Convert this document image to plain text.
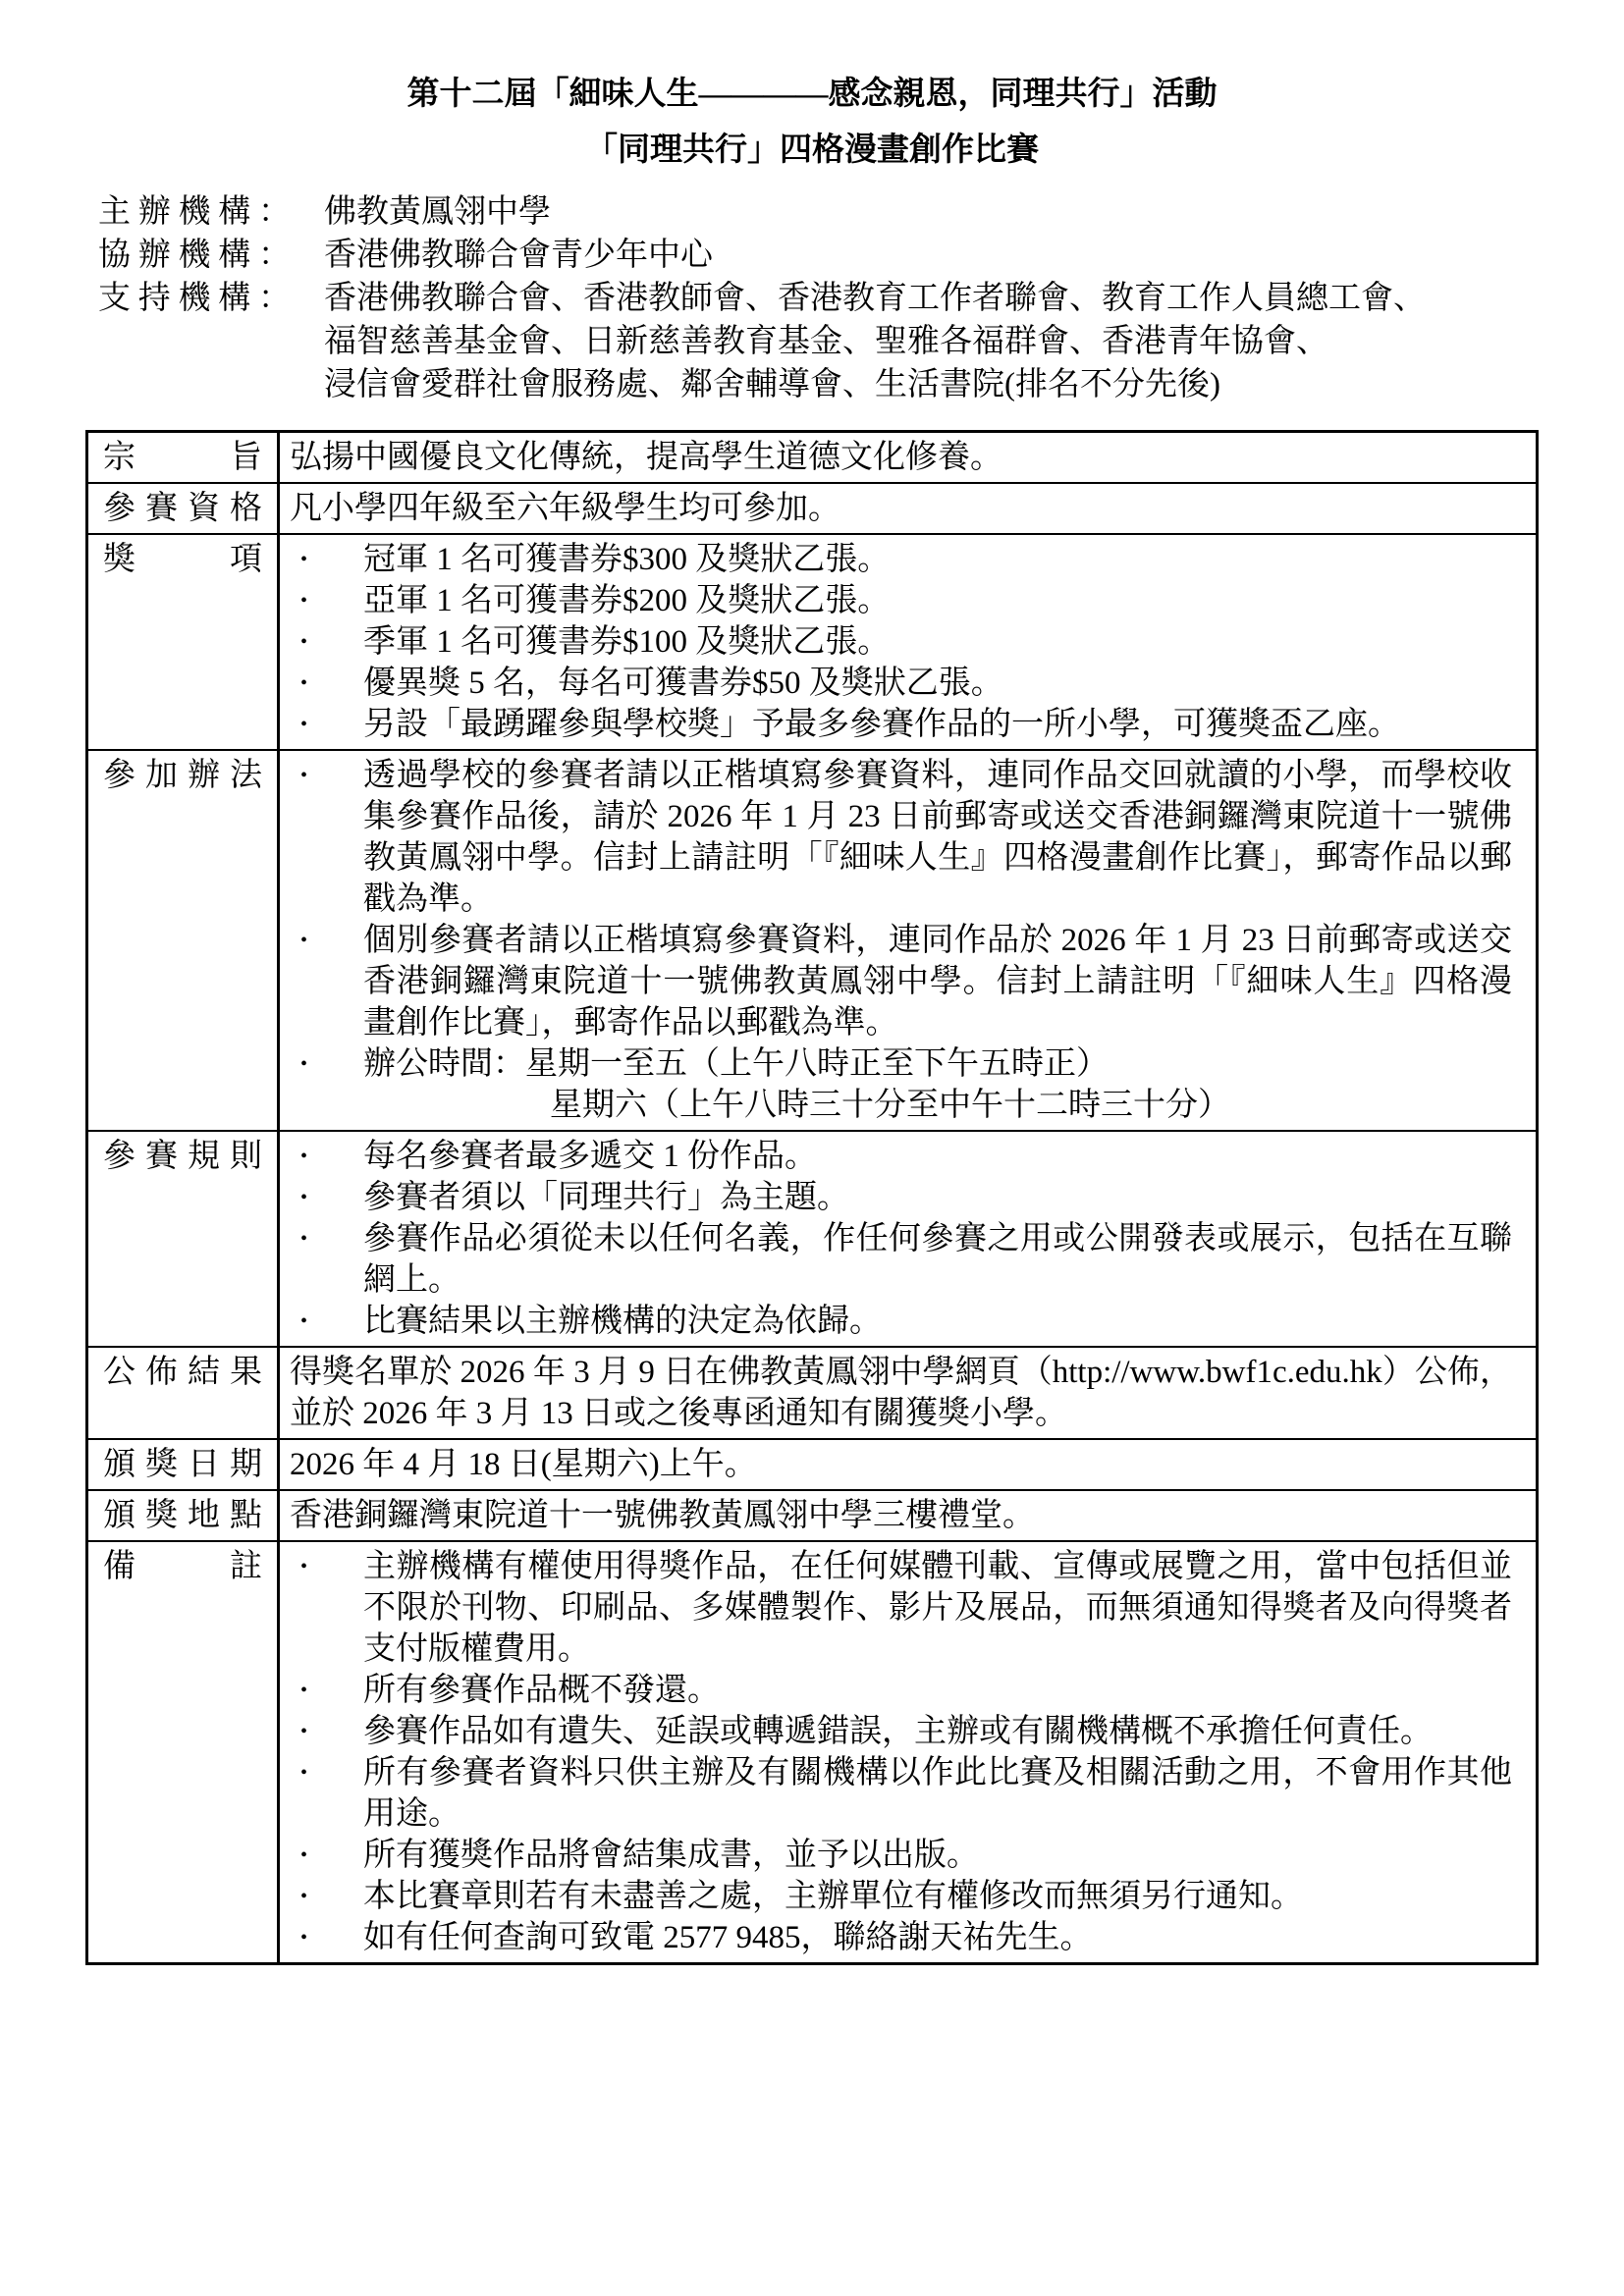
第十二屆「細味人生————感念親恩，同理共行」活動
「同理共行」四格漫畫創作比賽
主辦機構： 佛教黃鳳翎中學
協辦機構： 香港佛教聯合會青少年中心
支持機構： 香港佛教聯合會、香港教師會、香港教育工作者聯會、教育工作人員總工會、
福智慈善基金會、日新慈善教育基金、聖雅各福群會、香港青年協會、
浸信會愛群社會服務處、鄰舍輔導會、生活書院(排名不分先後)
宗旨 弘揚中國優良文化傳統，提高學生道德文化修養。
參賽資格 凡小學四年級至六年級學生均可參加。
獎項 • 冠軍 1 名可獲書券$300 及獎狀乙張。
• 亞軍 1 名可獲書券$200 及獎狀乙張。
• 季軍 1 名可獲書券$100 及獎狀乙張。
• 優異獎 5 名，每名可獲書券$50 及獎狀乙張。
• 另設「最踴躍參與學校獎」予最多參賽作品的一所小學，可獲獎盃乙座。
參加辦法 • 透過學校的參賽者請以正楷填寫參賽資料，連同作品交回就讀的小學，而學校收集參賽作品後，請於 2026 年 1 月 23 日前郵寄或送交香港銅鑼灣東院道十一號佛教黃鳳翎中學。信封上請註明「『細味人生』四格漫畫創作比賽」，郵寄作品以郵戳為準。
• 個別參賽者請以正楷填寫參賽資料，連同作品於 2026 年 1 月 23 日前郵寄或送交香港銅鑼灣東院道十一號佛教黃鳳翎中學。信封上請註明「『細味人生』四格漫畫創作比賽」，郵寄作品以郵戳為準。
• 辦公時間：星期一至五（上午八時正至下午五時正）
星期六（上午八時三十分至中午十二時三十分）
參賽規則 • 每名參賽者最多遞交 1 份作品。
• 參賽者須以「同理共行」為主題。
• 參賽作品必須從未以任何名義，作任何參賽之用或公開發表或展示，包括在互聯網上。
• 比賽結果以主辦機構的決定為依歸。
公佈結果 得獎名單於 2026 年 3 月 9 日在佛教黃鳳翎中學網頁（http://www.bwf1c.edu.hk）公佈，並於 2026 年 3 月 13 日或之後專函通知有關獲獎小學。
頒獎日期 2026 年 4 月 18 日(星期六)上午。
頒獎地點 香港銅鑼灣東院道十一號佛教黃鳳翎中學三樓禮堂。
備註 • 主辦機構有權使用得獎作品，在任何媒體刊載、宣傳或展覽之用，當中包括但並不限於刊物、印刷品、多媒體製作、影片及展品，而無須通知得獎者及向得獎者支付版權費用。
• 所有參賽作品概不發還。
• 參賽作品如有遺失、延誤或轉遞錯誤，主辦或有關機構概不承擔任何責任。
• 所有參賽者資料只供主辦及有關機構以作此比賽及相關活動之用，不會用作其他用途。
• 所有獲獎作品將會結集成書，並予以出版。
• 本比賽章則若有未盡善之處，主辦單位有權修改而無須另行通知。
• 如有任何查詢可致電 2577 9485，聯絡謝天祐先生。
